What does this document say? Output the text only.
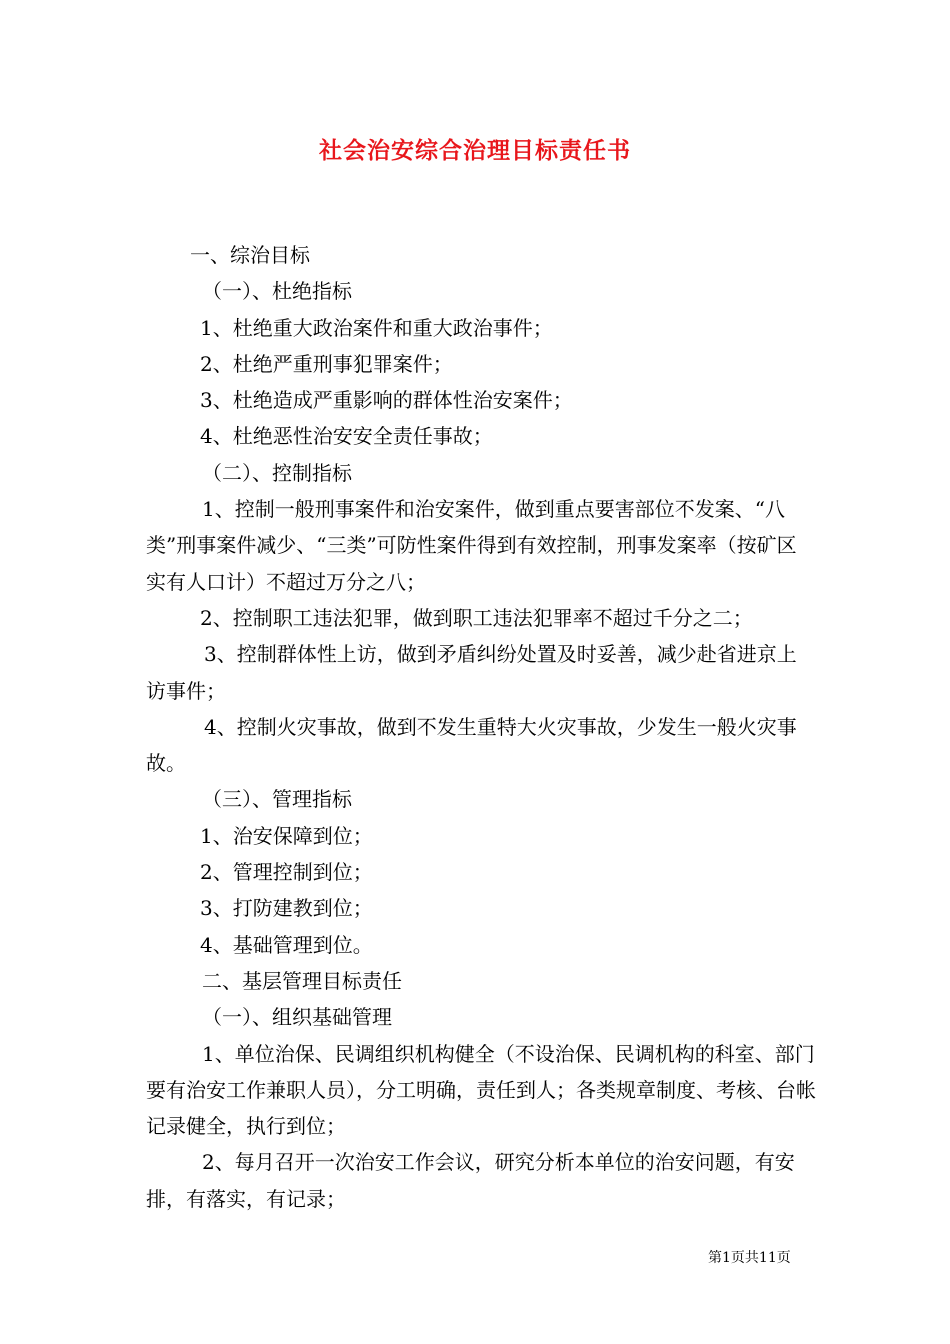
社会治安综合治理目标责任书

一、综治目标

（一）、杜绝指标

1、杜绝重大政治案件和重大政治事件；

2、杜绝严重刑事犯罪案件；

3、杜绝造成严重影响的群体性治安案件；

4、杜绝恶性治安安全责任事故；

（二）、控制指标

1、控制一般刑事案件和治安案件，做到重点要害部位不发案、“八类”刑事案件减少、“三类”可防性案件得到有效控制，刑事发案率（按矿区实有人口计）不超过万分之八；

2、控制职工违法犯罪，做到职工违法犯罪率不超过千分之二；

3、控制群体性上访，做到矛盾纠纷处置及时妥善，减少赴省进京上访事件；

4、控制火灾事故，做到不发生重特大火灾事故，少发生一般火灾事故。

（三）、管理指标

1、治安保障到位；

2、管理控制到位；

3、打防建教到位；

4、基础管理到位。

二、基层管理目标责任

（一）、组织基础管理

1、单位治保、民调组织机构健全（不设治保、民调机构的科室、部门要有治安工作兼职人员），分工明确，责任到人；各类规章制度、考核、台帐记录健全，执行到位；

2、每月召开一次治安工作会议，研究分析本单位的治安问题，有安排，有落实，有记录；

第1页共11页
